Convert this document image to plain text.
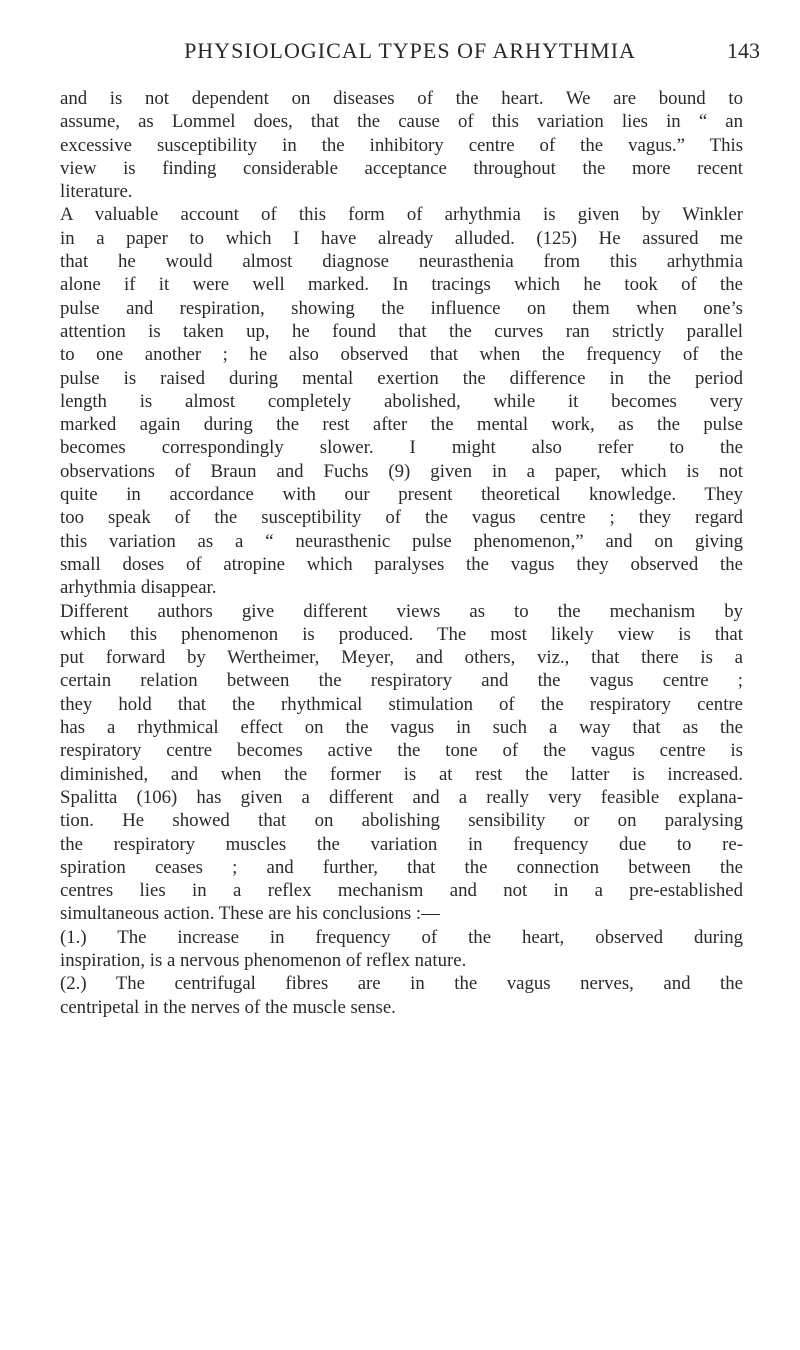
PHYSIOLOGICAL TYPES OF ARHYTHMIA	143

and is not dependent on diseases of the heart. We are bound to
assume, as Lommel does, that the cause of this variation lies in “ an
excessive susceptibility in the inhibitory centre of the vagus.” This
view is finding considerable acceptance throughout the more recent
literature.

A valuable account of this form of arhythmia is given by Winkler
in a paper to which I have already alluded. (125) He assured me
that he would almost diagnose neurasthenia from this arhythmia
alone if it were well marked. In tracings which he took of the
pulse and respiration, showing the influence on them when one’s
attention is taken up, he found that the curves ran strictly parallel
to one another ; he also observed that when the frequency of the
pulse is raised during mental exertion the difference in the period
length is almost completely abolished, while it becomes very
marked again during the rest after the mental work, as the pulse
becomes correspondingly slower. I might also refer to the
observations of Braun and Fuchs (9) given in a paper, which is not
quite in accordance with our present theoretical knowledge. They
too speak of the susceptibility of the vagus centre ; they regard
this variation as a “ neurasthenic pulse phenomenon,” and on giving
small doses of atropine which paralyses the vagus they observed the
arhythmia disappear.

Different authors give different views as to the mechanism by
which this phenomenon is produced. The most likely view is that
put forward by Wertheimer, Meyer, and others, viz., that there is a
certain relation between the respiratory and the vagus centre ;
they hold that the rhythmical stimulation of the respiratory centre
has a rhythmical effect on the vagus in such a way that as the
respiratory centre becomes active the tone of the vagus centre is
diminished, and when the former is at rest the latter is increased.
Spalitta (106) has given a different and a really very feasible explana-
tion. He showed that on abolishing sensibility or on paralysing
the respiratory muscles the variation in frequency due to re-
spiration ceases ; and further, that the connection between the
centres lies in a reflex mechanism and not in a pre-established
simultaneous action. These are his conclusions :—

(1.) The increase in frequency of the heart, observed during
inspiration, is a nervous phenomenon of reflex nature.

(2.) The centrifugal fibres are in the vagus nerves, and the
centripetal in the nerves of the muscle sense.
